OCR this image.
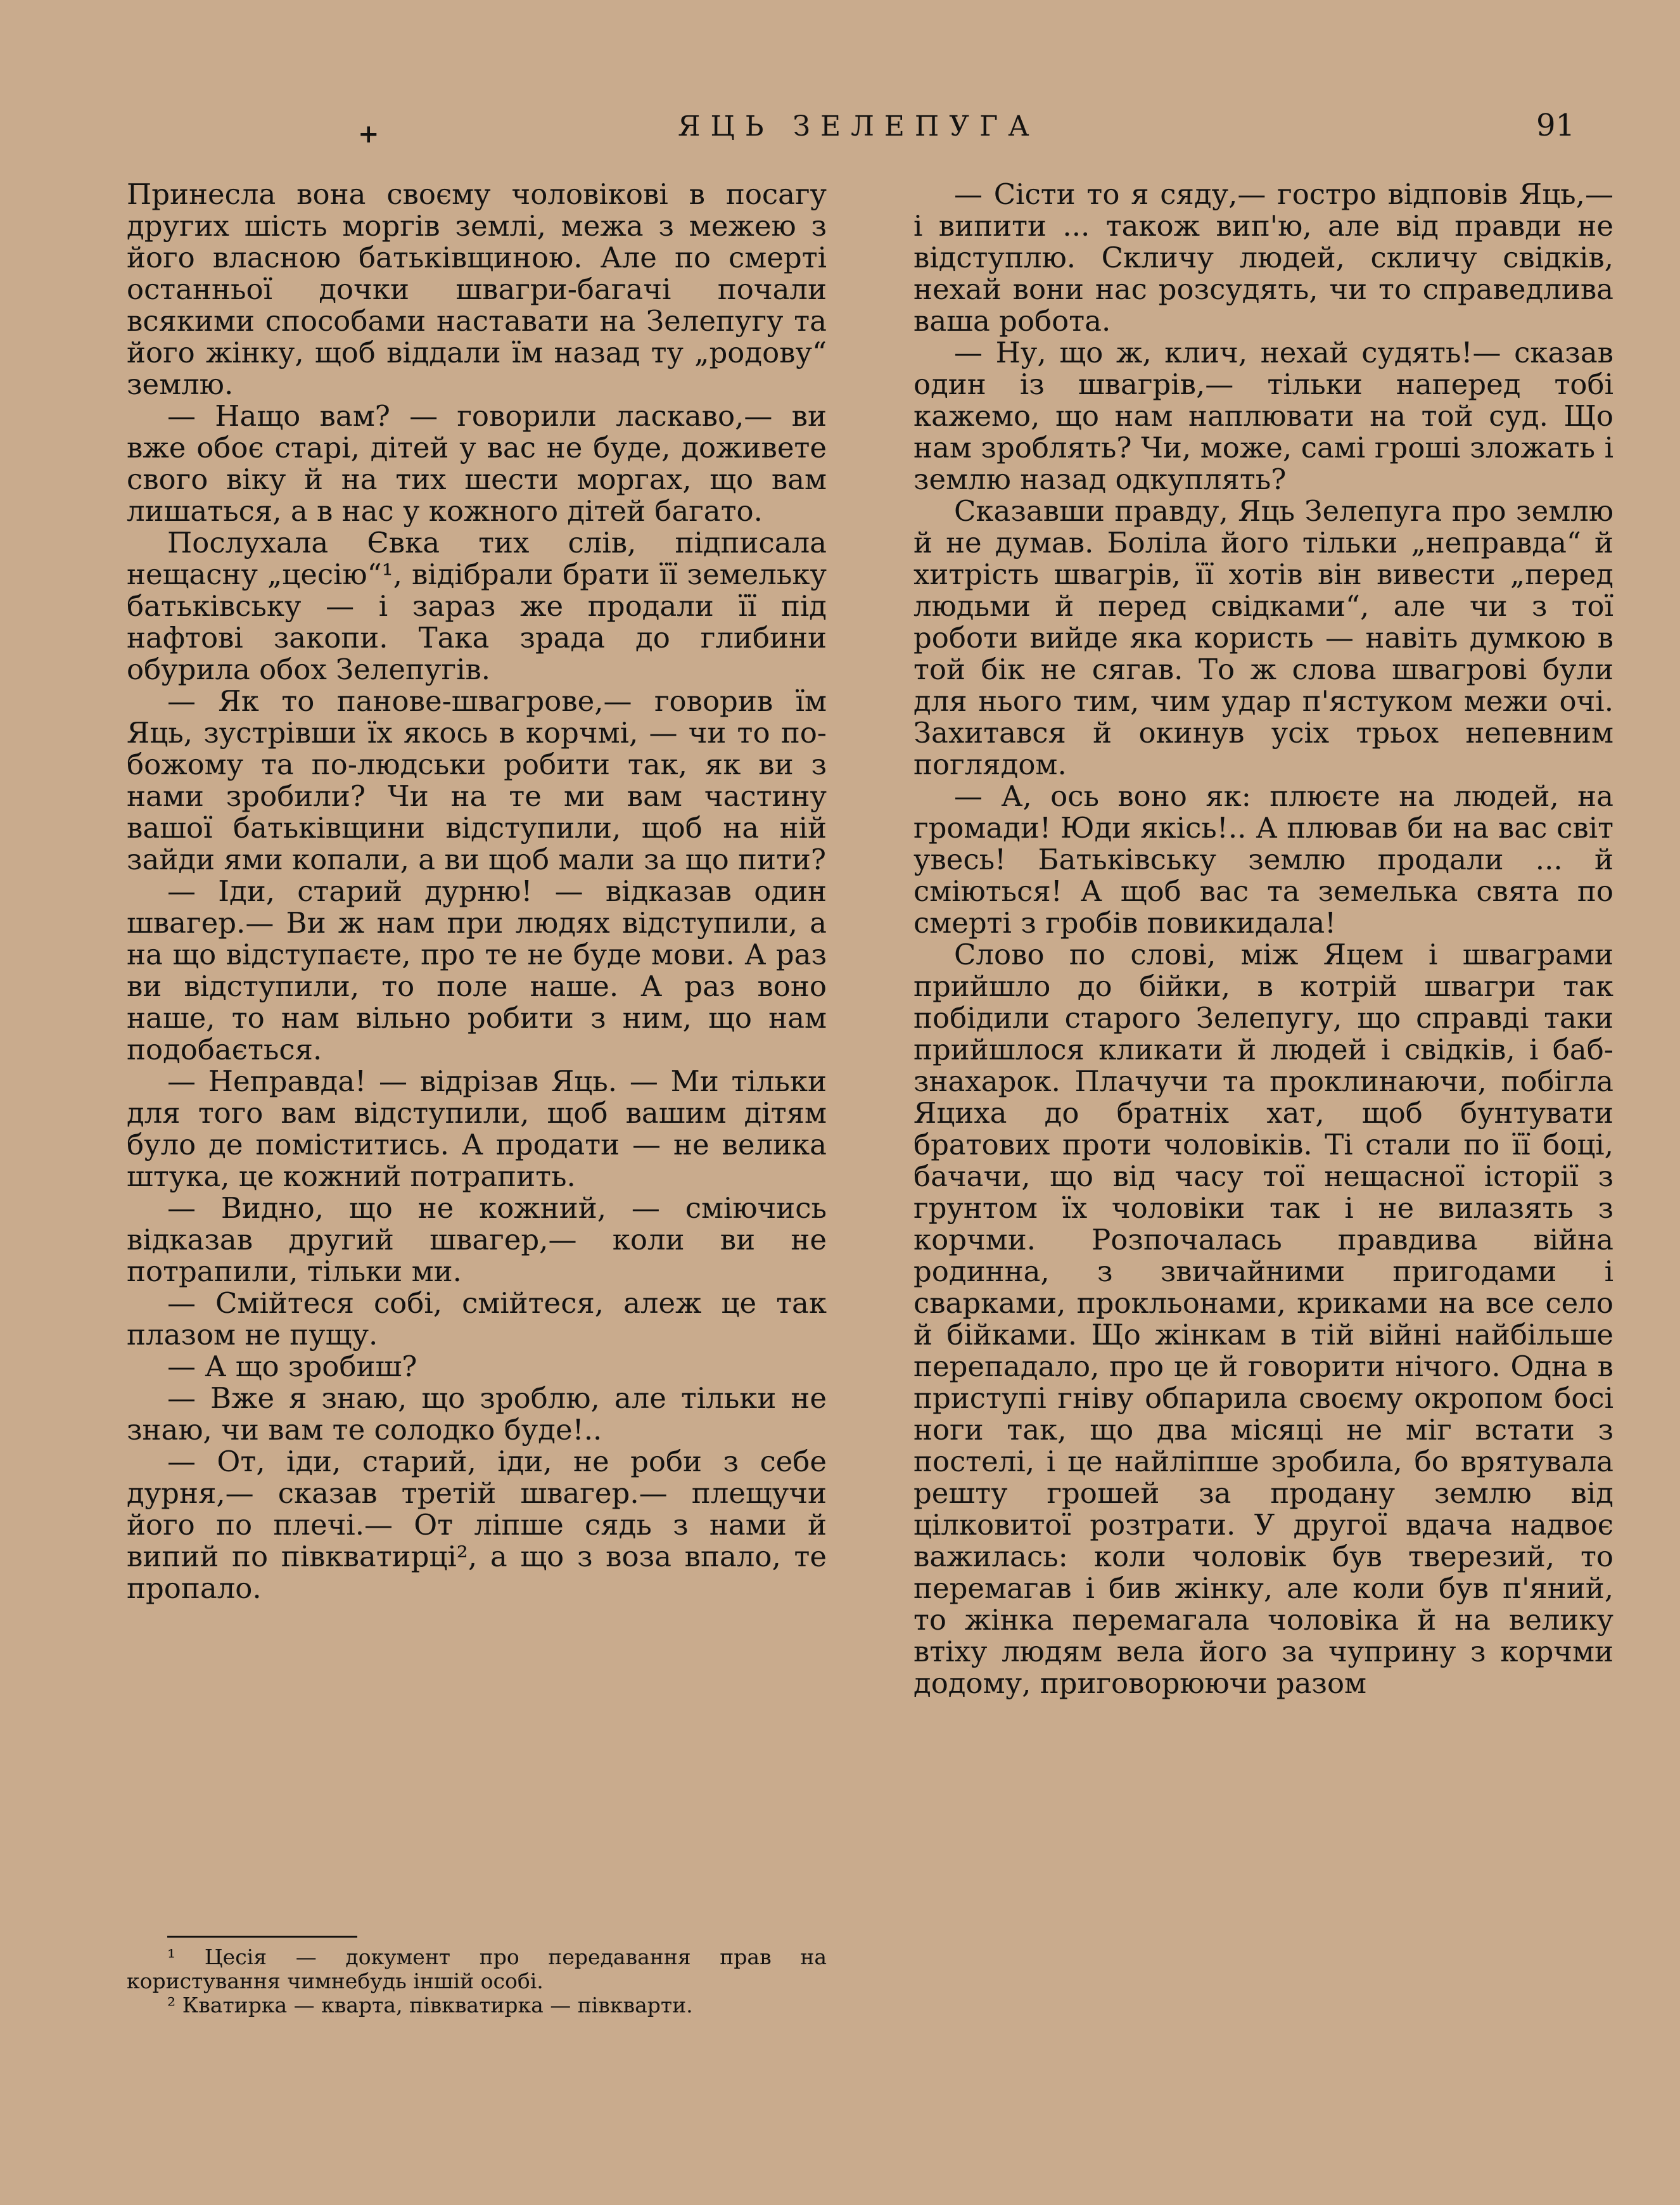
+	ЯЦЬ ЗЕЛЕПУГА	91

Принесла вона своєму чоловікові в посагу других шість моргів землі, межа з межею з його власною батьківщиною. Але по смерті останньої дочки швагри-багачі почали всякими способами наставати на Зелепугу та його жінку, щоб віддали їм назад ту „родову“ землю.

— Нащо вам? — говорили ласкаво,— ви вже обоє старі, дітей у вас не буде, доживете свого віку й на тих шести моргах, що вам лишаться, а в нас у кожного дітей багато.

Послухала Євка тих слів, підписала нещасну „цесію“¹, відібрали брати її земельку батьківську — і зараз же продали її під нафтові закопи. Така зрада до глибини обурила обох Зелепугів.

— Як то панове-швагрове,— говорив їм Яць, зустрівши їх якось в корчмі, — чи то по-божому та по-людськи робити так, як ви з нами зробили? Чи на те ми вам частину вашої батьківщини відступили, щоб на ній зайди ями копали, а ви щоб мали за що пити?

— Іди, старий дурню! — відказав один швагер.— Ви ж нам при людях відступили, а на що відступаєте, про те не буде мови. А раз ви відступили, то поле наше. А раз воно наше, то нам вільно робити з ним, що нам подобається.

— Неправда! — відрізав Яць. — Ми тільки для того вам відступили, щоб вашим дітям було де поміститись. А продати — не велика штука, це кожний потрапить.

— Видно, що не кожний, — сміючись відказав другий швагер,— коли ви не потрапили, тільки ми.

— Смійтеся собі, смійтеся, алеж це так плазом не пущу.

— А що зробиш?

— Вже я знаю, що зроблю, але тільки не знаю, чи вам те солодко буде!..

— От, іди, старий, іди, не роби з себе дурня,— сказав третій швагер.— плещучи його по плечі.— От ліпше сядь з нами й випий по півкватирці², а що з воза впало, те пропало.

¹ Цесія — документ про передавання прав на користування чимнебудь іншій особі.

² Кватирка — кварта, півкватирка — півкварти.

— Сісти то я сяду,— гостро відповів Яць,— і випити ... також вип'ю, але від правди не відступлю. Скличу людей, скличу свідків, нехай вони нас розсудять, чи то справедлива ваша робота.

— Ну, що ж, клич, нехай судять!— сказав один із швагрів,— тільки наперед тобі кажемо, що нам наплювати на той суд. Що нам зроблять? Чи, може, самі гроші зложать і землю назад одкуплять?

Сказавши правду, Яць Зелепуга про землю й не думав. Боліла його тільки „неправда“ й хитрість швагрів, її хотів він вивести „перед людьми й перед свідками“, але чи з тої роботи вийде яка користь — навіть думкою в той бік не сягав. То ж слова швагрові були для нього тим, чим удар п'ястуком межи очі. Захитався й окинув усіх трьох непевним поглядом.

— А, ось воно як: плюєте на людей, на громади! Юди якісь!.. А плював би на вас світ увесь! Батьківську землю продали ... й сміються! А щоб вас та земелька свята по смерті з гробів повикидала!

Слово по слові, між Яцем і шваграми прийшло до бійки, в котрій швагри так побідили старого Зелепугу, що справді таки прийшлося кликати й людей і свідків, і баб-знахарок. Плачучи та проклинаючи, побігла Яциха до братніх хат, щоб бунтувати братових проти чоловіків. Ті стали по її боці, бачачи, що від часу тої нещасної історії з грунтом їх чоловіки так і не вилазять з корчми. Розпочалась правдива війна родинна, з звичайними пригодами і сварками, прокльонами, криками на все село й бійками. Що жінкам в тій війні найбільше перепадало, про це й говорити нічого. Одна в приступі гніву обпарила своєму окропом босі ноги так, що два місяці не міг встати з постелі, і це найліпше зробила, бо врятувала решту грошей за продану землю від цілковитої розтрати. У другої вдача надвоє важилась: коли чоловік був тверезий, то перемагав і бив жінку, але коли був п'яний, то жінка перемагала чоловіка й на велику втіху людям вела його за чуприну з корчми додому, приговорюючи разом
